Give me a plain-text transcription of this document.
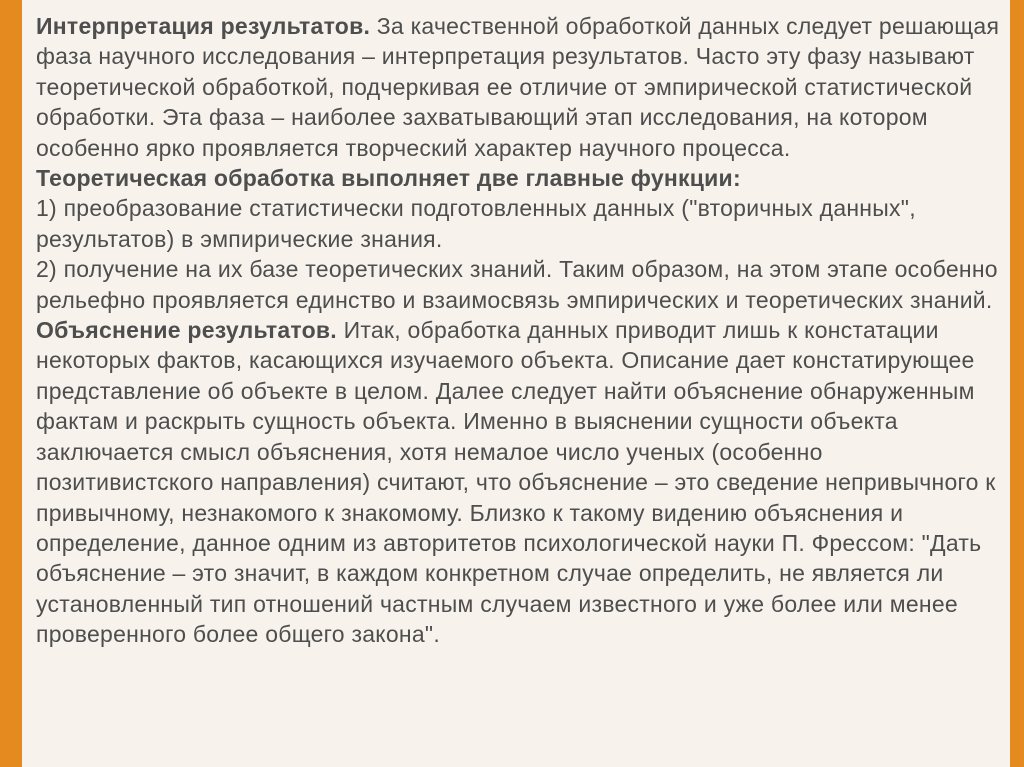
Интерпретация результатов. За качественной обработкой данных следует решающая фаза научного исследования – интерпретация результатов. Часто эту фазу называют теоретической обработкой, подчеркивая ее отличие от эмпирической статистической обработки. Эта фаза – наиболее захватывающий этап исследования, на котором особенно ярко проявляется творческий характер научного процесса.

Теоретическая обработка выполняет две главные функции:

1) преобразование статистически подготовленных данных ("вторичных данных", результатов) в эмпирические знания.

2) получение на их базе теоретических знаний. Таким образом, на этом этапе особенно рельефно проявляется единство и взаимосвязь эмпирических и теоретических знаний.

Объяснение результатов. Итак, обработка данных приводит лишь к констатации некоторых фактов, касающихся изучаемого объекта. Описание дает констатирующее представление об объекте в целом. Далее следует найти объяснение обнаруженным фактам и раскрыть сущность объекта. Именно в выяснении сущности объекта заключается смысл объяснения, хотя немалое число ученых (особенно позитивистского направления) считают, что объяснение – это сведение непривычного к привычному, незнакомого к знакомому. Близко к такому видению объяснения и определение, данное одним из авторитетов психологической науки П. Фрессом: "Дать объяснение – это значит, в каждом конкретном случае определить, не является ли установленный тип отношений частным случаем известного и уже более или менее проверенного более общего закона".
